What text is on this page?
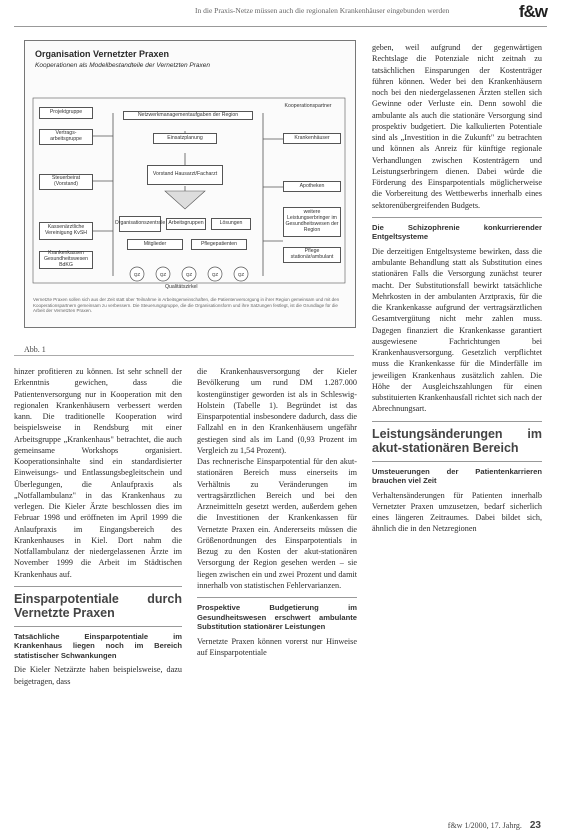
In die Praxis-Netze müssen auch die regionalen Krankenhäuser eingebunden werden	f&w
QZ	QZ	QZ	QZ	QZ
Organisation Vernetzter Praxen
Kooperationen als Modellbestandteile der Vernetzten Praxen
Projektgruppe
Vertrags-arbeitsgruppe
Steuerbeirat (Vorstand)
Kassenärztliche Vereinigung KvSH
Krankenkassen Gesundheitswesen BdKG
Netzwerkmanagementaufgaben der Region
Einsatzplanung
Vorstand Hausarzt/Facharzt
Organisationszentrale Arbeitsgruppen	Lösungen
Mitglieder	Pflegepatienten
Qualitätszirkel
Kooperationspartner
Krankenhäuser
Apotheken
weitere Leistungserbringer im Gesundheitswesen der Region
Pflege stationär/ambulant
Vernetzte Praxen sollen sich aus der Zeit statt über Teilnahme in Arbeitsgemeinschaften, die Patientenversorgung in ihrer Region gemeinsam und mit den Kooperationspartnern gemeinsam zu verbessern. Die Steuerungsgruppe, die die Organisationsform und ihre Satzungen festlegt, ist die Grundlage für die Arbeit der Vernetzten Praxen.
Abb. 1

hinzer profitieren zu können. Ist sehr schnell der Erkenntnis gewichen, dass die Patientenversorgung nur in Kooperation mit den regionalen Krankenhäusern verbessert werden kann. Die traditionelle Kooperation wird beispielsweise in Rendsburg mit einer Arbeitsgruppe „Krankenhaus" betrachtet, die auch gemeinsame Workshops organisiert. Kooperationsinhalte sind ein standardisierter Einweisungs- und Entlassungsbegleitschein und Überlegungen, die Anlaufpraxis als „Notfallambulanz" in das Krankenhaus zu verlegen. Die Kieler Ärzte beschlossen dies im Februar 1998 und eröffneten im April 1999 die Anlaufpraxis im Eingangsbereich des Krankenhauses in Kiel. Dort nahm die Notfallambulanz der niedergelassenen Ärzte im November 1999 die Arbeit im Städtischen Krankenhaus auf.

Einsparpotentiale durch Vernetzte Praxen

Tatsächliche Einsparpotentiale im Krankenhaus liegen noch im Bereich statistischer Schwankungen

Die Kieler Netzärzte haben beispielsweise, dazu beigetragen, dass

die Krankenhausversorgung der Kieler Bevölkerung um rund DM 1.287.000 kostengünstiger geworden ist als in Schleswig-Holstein (Tabelle 1). Begründet ist das Einsparpotential insbesondere dadurch, dass die Fallzahl en in den Krankenhäusern ungefähr gestiegen sind als im Land (0,93 Prozent im Vergleich zu 1,54 Prozent).

Das rechnerische Einsparpotential für den akut-stationären Bereich muss einerseits im Verhältnis zu Veränderungen im vertragsärztlichen Bereich und bei den Arzneimitteln gesetzt werden, außerdem gehen die Investitionen der Krankenkassen für Vernetzte Praxen ein. Andererseits müssen die Größenordnungen des Einsparpotentials in Bezug zu den Kosten der akut-stationären Versorgung der Region gesehen werden – sie liegen zwischen ein und zwei Prozent und damit innerhalb von statistischen Fehlervarianzen.

Prospektive Budgetierung im Gesundheitswesen erschwert ambulante Substitution stationärer Leistungen

Vernetzte Praxen können vorerst nur Hinweise auf Einsparpotentiale

geben, weil aufgrund der gegenwärtigen Rechtslage die Potenziale nicht zeitnah zu tatsächlichen Einsparungen der Kostenträger führen können. Weder bei den Krankenhäusern noch bei den niedergelassenen Ärzten stellen sich Gewinne oder Verluste ein. Denn sowohl die ambulante als auch die stationäre Versorgung sind prospektiv budgetiert. Die kalkulierten Potentiale sind als „Investition in die Zukunft" zu betrachten und können als Anreiz für künftige regionale Verhandlungen zwischen Kostenträgern und Leistungserbringern dienen. Dabei würde die Förderung des Einsparpotentials möglicherweise die Vorbereitung des Wettbewerbs innerhalb eines sektorenübergreifenden Budgets.

Die Schizophrenie konkurrierender Entgeltsysteme

Die derzeitigen Entgeltsysteme bewirken, dass die ambulante Behandlung statt als Substitution eines stationären Falls die Versorgung zunächst teurer macht. Der Substitutionsfall bewirkt tatsächliche Mehrkosten in der ambulanten Arztpraxis, für die die Krankenkasse aufgrund der vertragsärztlichen Gesamtvergütung nicht mehr zahlen muss. Dagegen finanziert die Krankenkasse garantiert ausgewiesene Fachrichtungen bei Krankenhausversorgung. Gesetzlich verpflichtet muss die Krankenkasse für die Minderfälle im jeweiligen Krankenhaus zusätzlich zahlen. Die Höhe der Ausgleichszahlungen für einen substituierten Krankenhausfall richtet sich nach der Abrechnungsart.

Leistungsänderungen im akut-stationären Bereich

Umsteuerungen der Patientenkarrieren brauchen viel Zeit

Verhaltensänderungen für Patienten innerhalb Vernetzter Praxen umzusetzen, bedarf sicherlich eines längeren Zeitraumes. Dabei bildet sich, ähnlich die in den Netzregionen

f&w 1/2000, 17. Jahrg. 23
